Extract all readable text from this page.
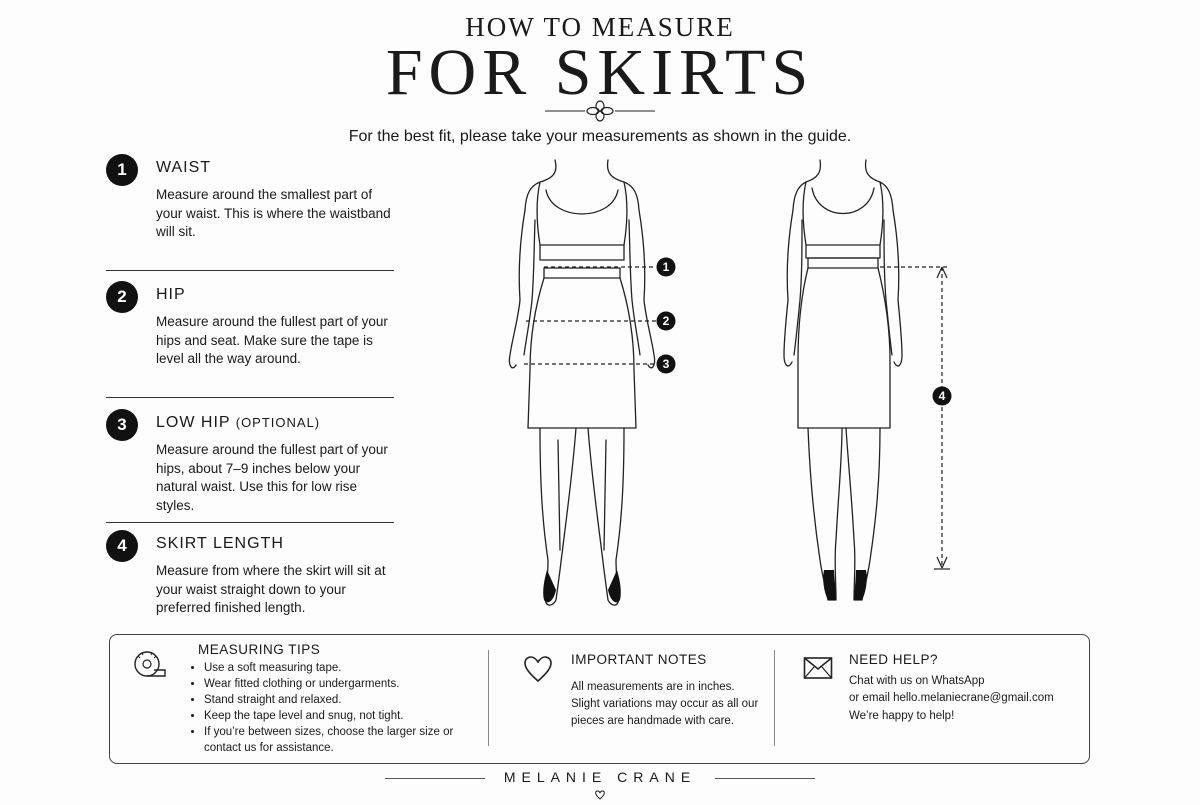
HOW TO MEASURE
FOR SKIRTS
For the best fit, please take your measurements as shown in the guide.
1	WAIST
Measure around the smallest part of your waist. This is where the waistband will sit.
2	HIP
Measure around the fullest part of your hips and seat. Make sure the tape is level all the way around.
3	LOW HIP (OPTIONAL)
Measure around the fullest part of your hips, about 7–9 inches below your natural waist. Use this for low rise styles.
4	SKIRT LENGTH
Measure from where the skirt will sit at your waist straight down to your preferred finished length.
1
2
3
4
MEASURING TIPS
• Use a soft measuring tape.
• Wear fitted clothing or undergarments.
• Stand straight and relaxed.
• Keep the tape level and snug, not tight.
• If you’re between sizes, choose the larger size or contact us for assistance.
IMPORTANT NOTES
All measurements are in inches. Slight variations may occur as all our pieces are handmade with care.
NEED HELP?
Chat with us on WhatsApp
or email hello.melaniecrane@gmail.com
We’re happy to help!
MELANIE CRANE
